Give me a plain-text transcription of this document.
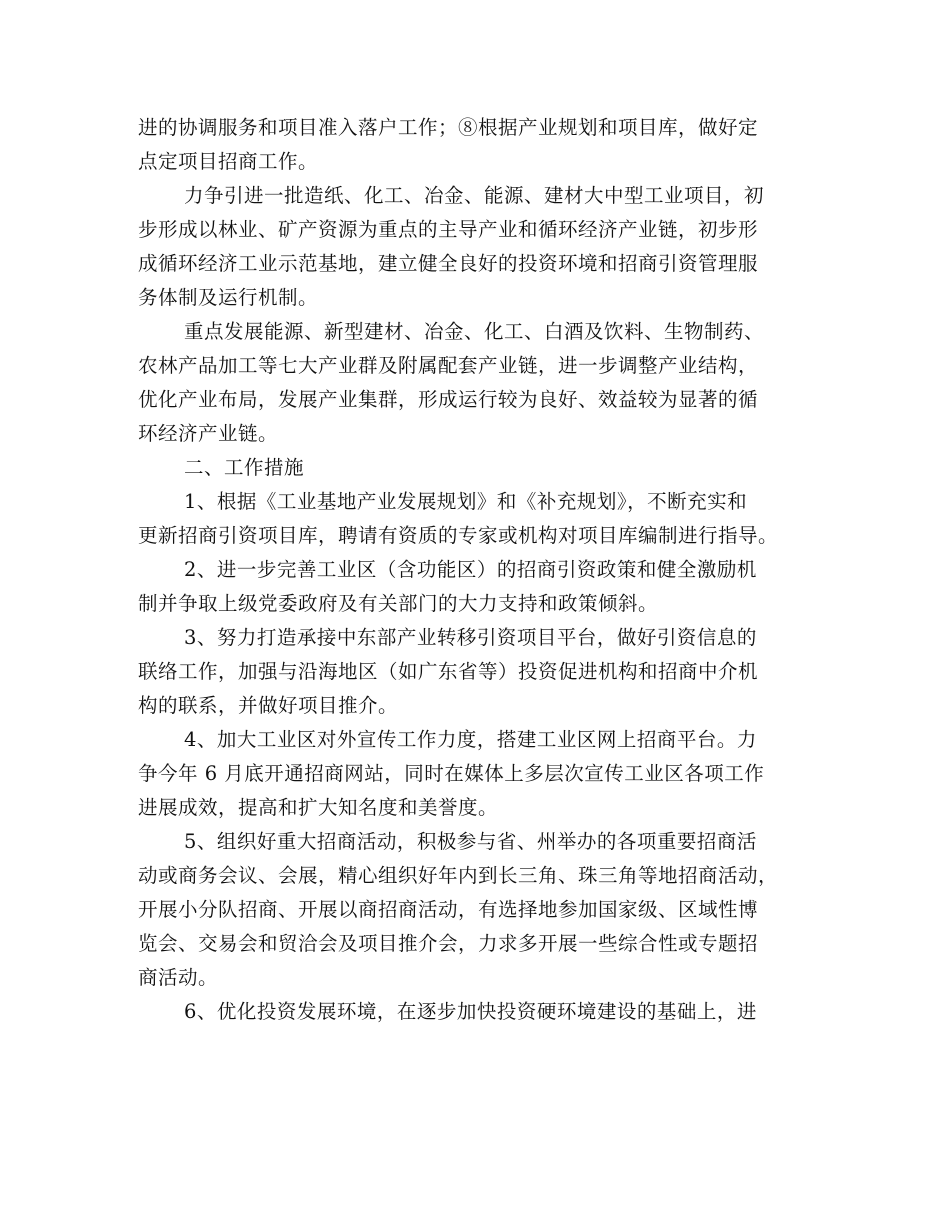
进的协调服务和项目准入落户工作；⑧根据产业规划和项目库，做好定
点定项目招商工作。
力争引进一批造纸、化工、冶金、能源、建材大中型工业项目，初
步形成以林业、矿产资源为重点的主导产业和循环经济产业链，初步形
成循环经济工业示范基地，建立健全良好的投资环境和招商引资管理服
务体制及运行机制。
重点发展能源、新型建材、冶金、化工、白酒及饮料、生物制药、
农林产品加工等七大产业群及附属配套产业链，进一步调整产业结构，
优化产业布局，发展产业集群，形成运行较为良好、效益较为显著的循
环经济产业链。
二、工作措施
1、根据《工业基地产业发展规划》和《补充规划》，不断充实和
更新招商引资项目库，聘请有资质的专家或机构对项目库编制进行指导。
2、进一步完善工业区（含功能区）的招商引资政策和健全激励机
制并争取上级党委政府及有关部门的大力支持和政策倾斜。
3、努力打造承接中东部产业转移引资项目平台，做好引资信息的
联络工作，加强与沿海地区（如广东省等）投资促进机构和招商中介机
构的联系，并做好项目推介。
4、加大工业区对外宣传工作力度，搭建工业区网上招商平台。力
争今年 6 月底开通招商网站，同时在媒体上多层次宣传工业区各项工作
进展成效，提高和扩大知名度和美誉度。
5、组织好重大招商活动，积极参与省、州举办的各项重要招商活
动或商务会议、会展，精心组织好年内到长三角、珠三角等地招商活动，
开展小分队招商、开展以商招商活动，有选择地参加国家级、区域性博
览会、交易会和贸洽会及项目推介会，力求多开展一些综合性或专题招
商活动。
6、优化投资发展环境，在逐步加快投资硬环境建设的基础上，进
